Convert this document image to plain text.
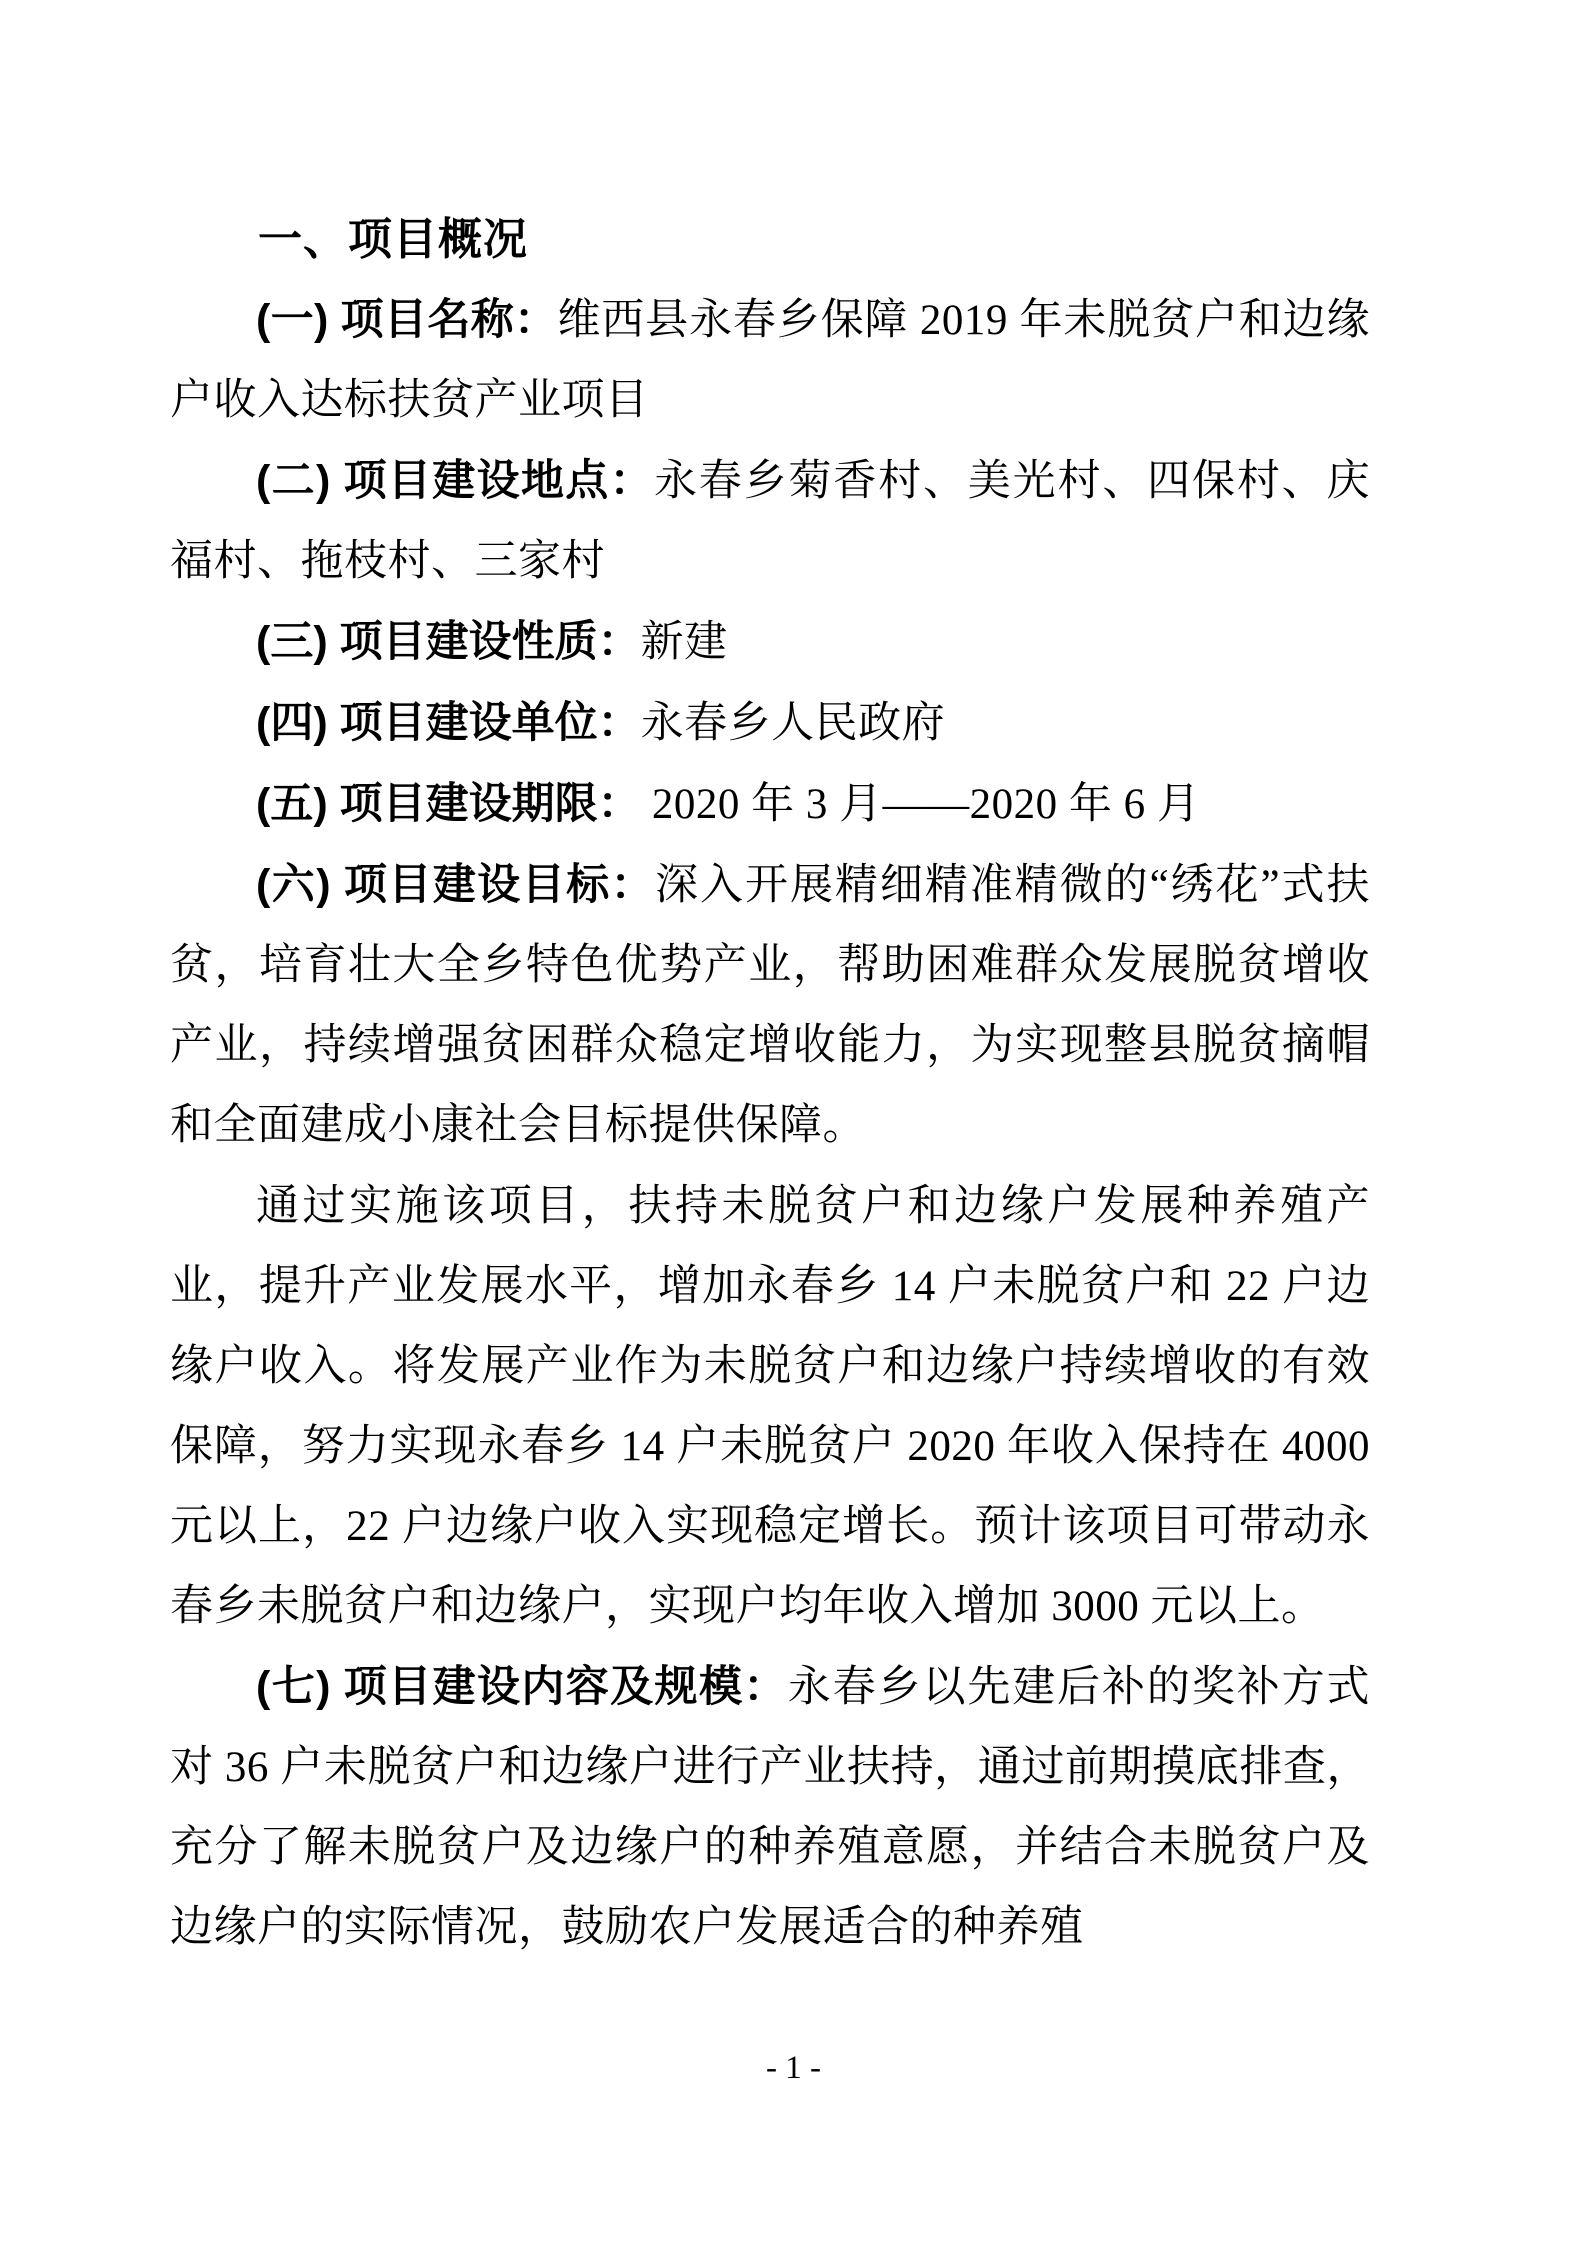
一、项目概况

(一) 项目名称：维西县永春乡保障 2019 年未脱贫户和边缘户收入达标扶贫产业项目

(二) 项目建设地点：永春乡菊香村、美光村、四保村、庆福村、拖枝村、三家村

(三) 项目建设性质：新建

(四) 项目建设单位：永春乡人民政府

(五) 项目建设期限： 2020 年 3 月——2020 年 6 月

(六) 项目建设目标：深入开展精细精准精微的“绣花”式扶贫，培育壮大全乡特色优势产业，帮助困难群众发展脱贫增收产业，持续增强贫困群众稳定增收能力，为实现整县脱贫摘帽和全面建成小康社会目标提供保障。

通过实施该项目，扶持未脱贫户和边缘户发展种养殖产业，提升产业发展水平，增加永春乡 14 户未脱贫户和 22 户边缘户收入。将发展产业作为未脱贫户和边缘户持续增收的有效保障，努力实现永春乡 14 户未脱贫户 2020 年收入保持在 4000 元以上，22 户边缘户收入实现稳定增长。预计该项目可带动永春乡未脱贫户和边缘户，实现户均年收入增加 3000 元以上。

(七) 项目建设内容及规模：永春乡以先建后补的奖补方式对 36 户未脱贫户和边缘户进行产业扶持，通过前期摸底排查，充分了解未脱贫户及边缘户的种养殖意愿，并结合未脱贫户及边缘户的实际情况，鼓励农户发展适合的种养殖

- 1 -
